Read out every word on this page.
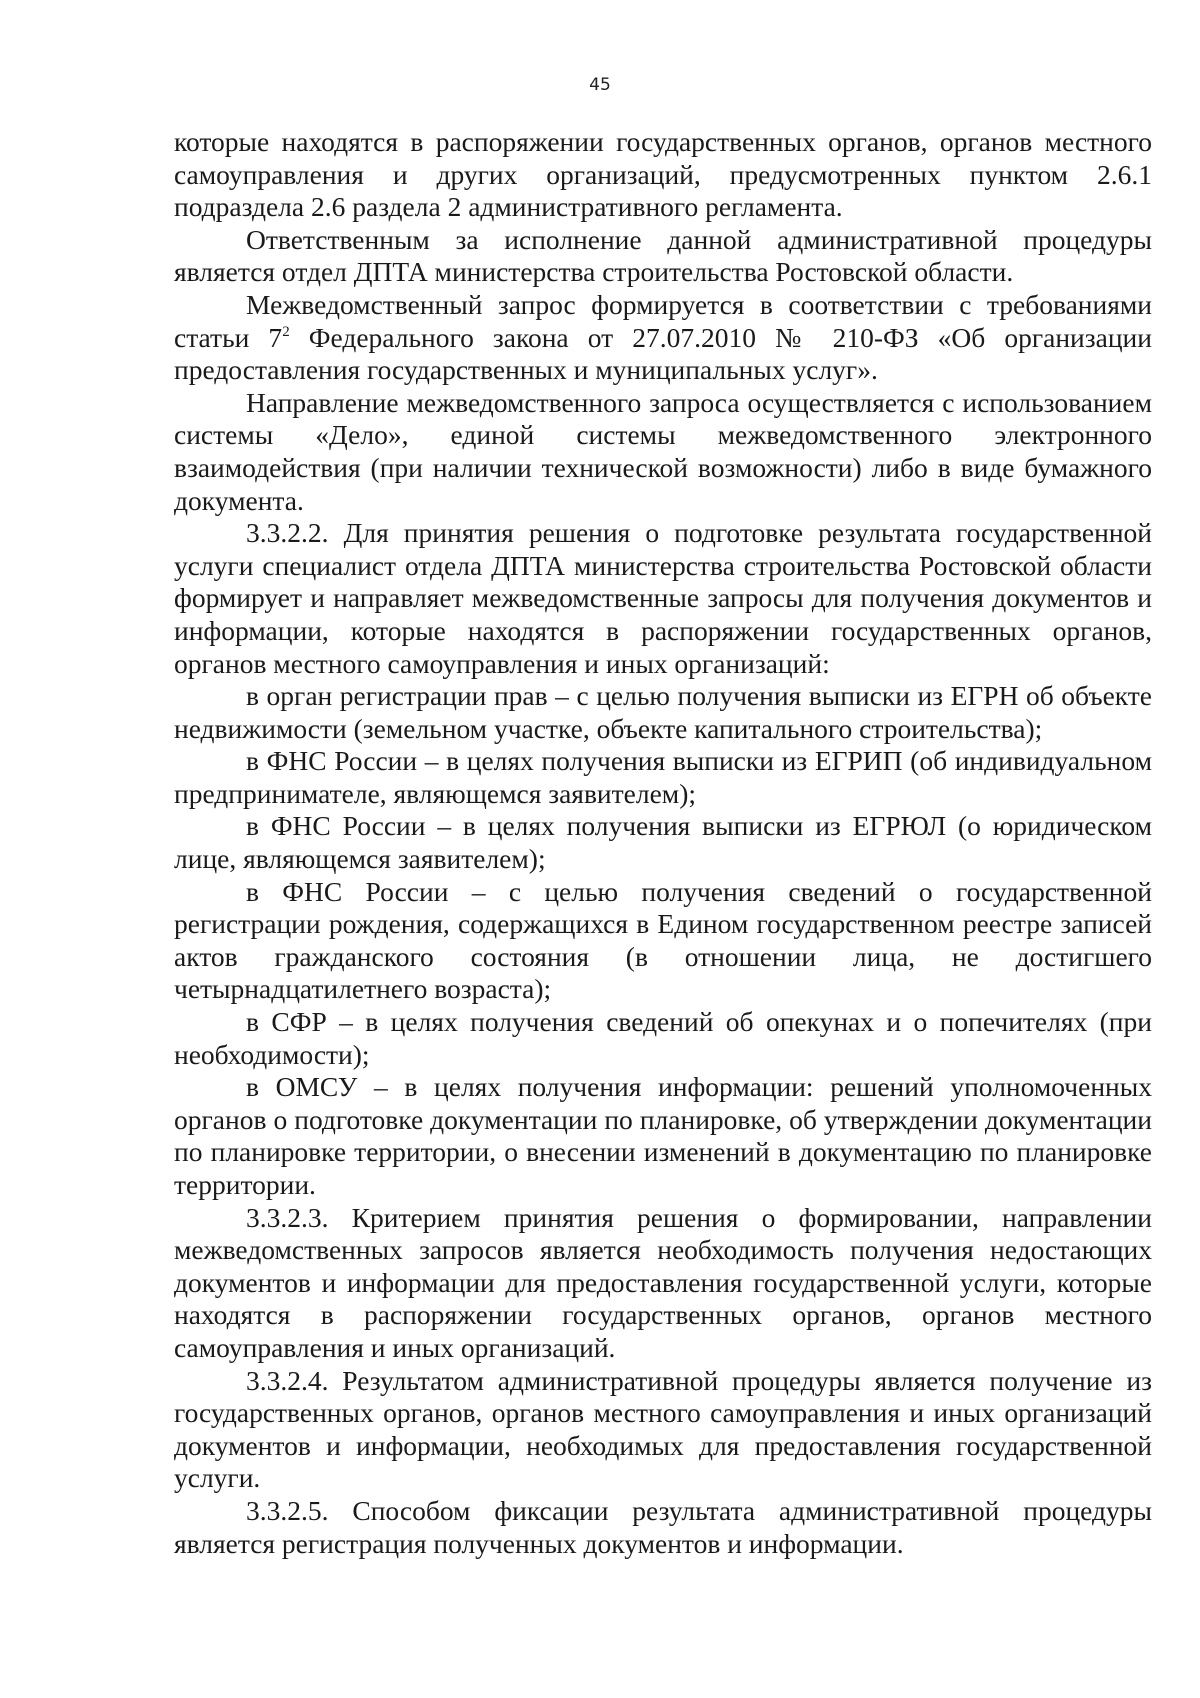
45

которые находятся в распоряжении государственных органов, органов местного самоуправления и других организаций, предусмотренных пунктом 2.6.1 подраздела 2.6 раздела 2 административного регламента.

Ответственным за исполнение данной административной процедуры является отдел ДПТА министерства строительства Ростовской области.

Межведомственный запрос формируется в соответствии с требованиями статьи $7^2$ Федерального закона от 27.07.2010 № 210-ФЗ «Об организации предоставления государственных и муниципальных услуг».

Направление межведомственного запроса осуществляется с использованием системы «Дело», единой системы межведомственного электронного взаимодействия (при наличии технической возможности) либо в виде бумажного документа.

3.3.2.2. Для принятия решения о подготовке результата государственной услуги специалист отдела ДПТА министерства строительства Ростовской области формирует и направляет межведомственные запросы для получения документов и информации, которые находятся в распоряжении государственных органов, органов местного самоуправления и иных организаций:

в орган регистрации прав – с целью получения выписки из ЕГРН об объекте недвижимости (земельном участке, объекте капитального строительства);

в ФНС России – в целях получения выписки из ЕГРИП (об индивидуальном предпринимателе, являющемся заявителем);

в ФНС России – в целях получения выписки из ЕГРЮЛ (о юридическом лице, являющемся заявителем);

в ФНС России – с целью получения сведений о государственной регистрации рождения, содержащихся в Едином государственном реестре записей актов гражданского состояния (в отношении лица, не достигшего четырнадцатилетнего возраста);

в СФР – в целях получения сведений об опекунах и о попечителях (при необходимости);

в ОМСУ – в целях получения информации: решений уполномоченных органов о подготовке документации по планировке, об утверждении документации по планировке территории, о внесении изменений в документацию по планировке территории.

3.3.2.3. Критерием принятия решения о формировании, направлении межведомственных запросов является необходимость получения недостающих документов и информации для предоставления государственной услуги, которые находятся в распоряжении государственных органов, органов местного самоуправления и иных организаций.

3.3.2.4. Результатом административной процедуры является получение из государственных органов, органов местного самоуправления и иных организаций документов и информации, необходимых для предоставления государственной услуги.

3.3.2.5. Способом фиксации результата административной процедуры является регистрация полученных документов и информации.
